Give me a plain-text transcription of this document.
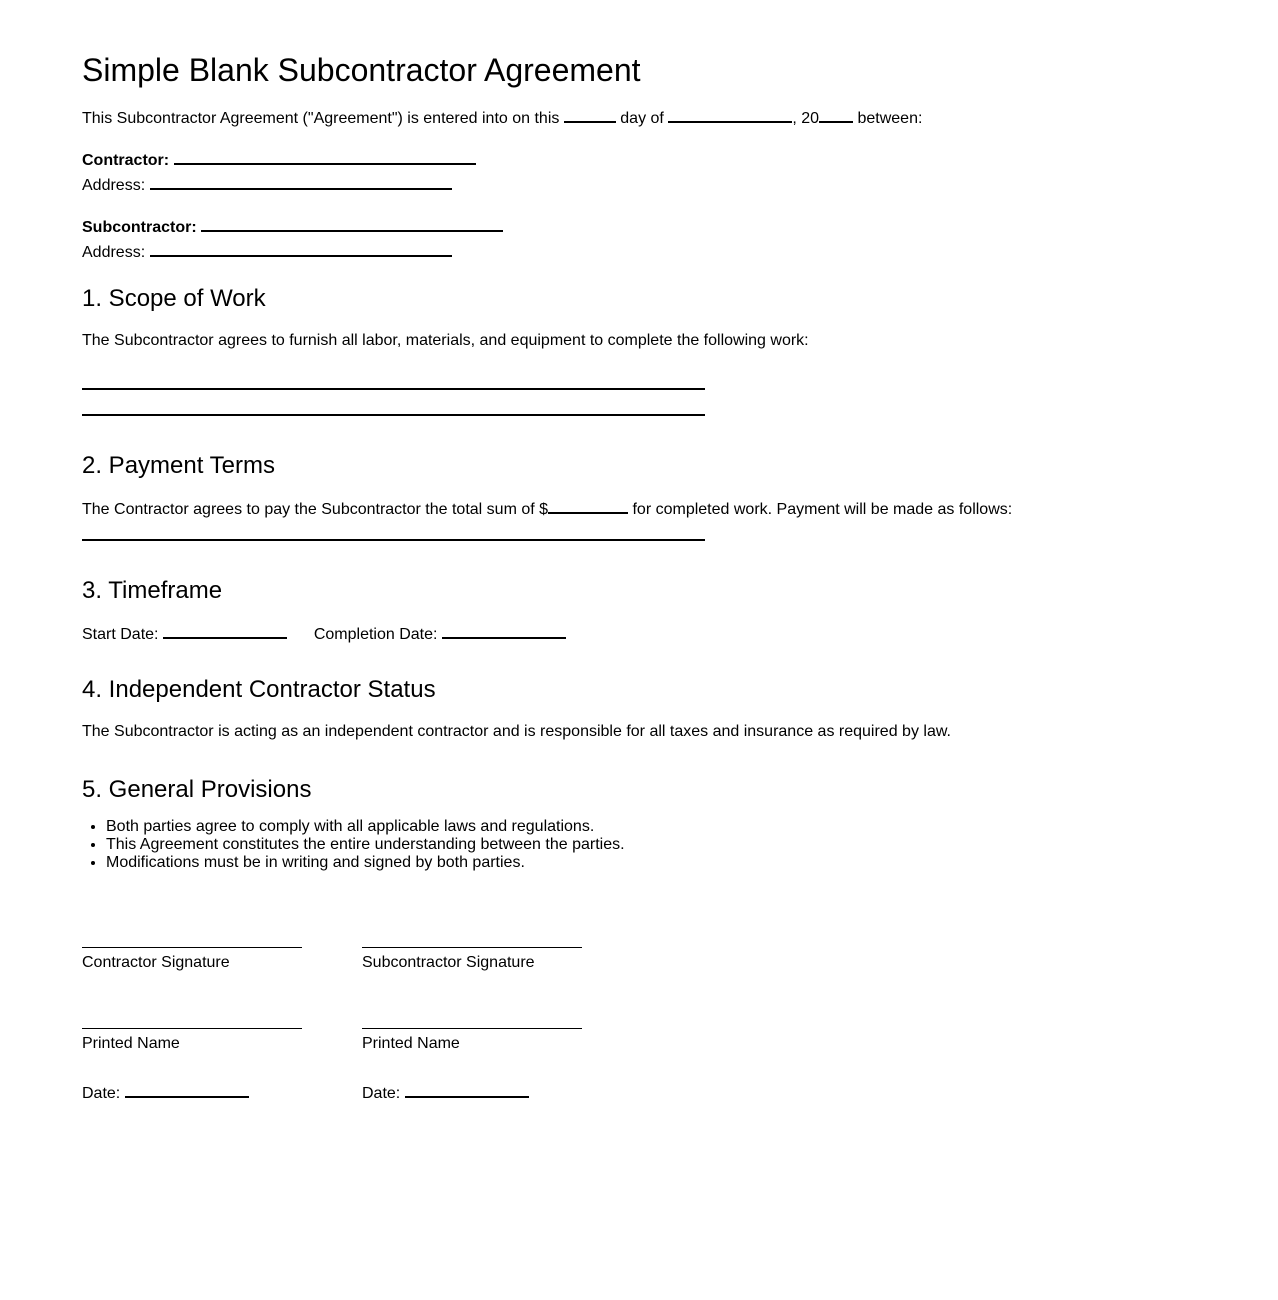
Simple Blank Subcontractor Agreement
This Subcontractor Agreement ("Agreement") is entered into on this	day of	, 20 between:
Contractor:
Address:
Subcontractor:
Address:
1. Scope of Work
The Subcontractor agrees to furnish all labor, materials, and equipment to complete the following work:
2. Payment Terms
The Contractor agrees to pay the Subcontractor the total sum of $	for completed work. Payment will be made as follows:
3. Timeframe
Start Date:	Completion Date:
4. Independent Contractor Status
The Subcontractor is acting as an independent contractor and is responsible for all taxes and insurance as required by law.
5. General Provisions
• Both parties agree to comply with all applicable laws and regulations.
• This Agreement constitutes the entire understanding between the parties.
• Modifications must be in writing and signed by both parties.
Contractor Signature	Subcontractor Signature
Printed Name	Printed Name
Date:	Date:
